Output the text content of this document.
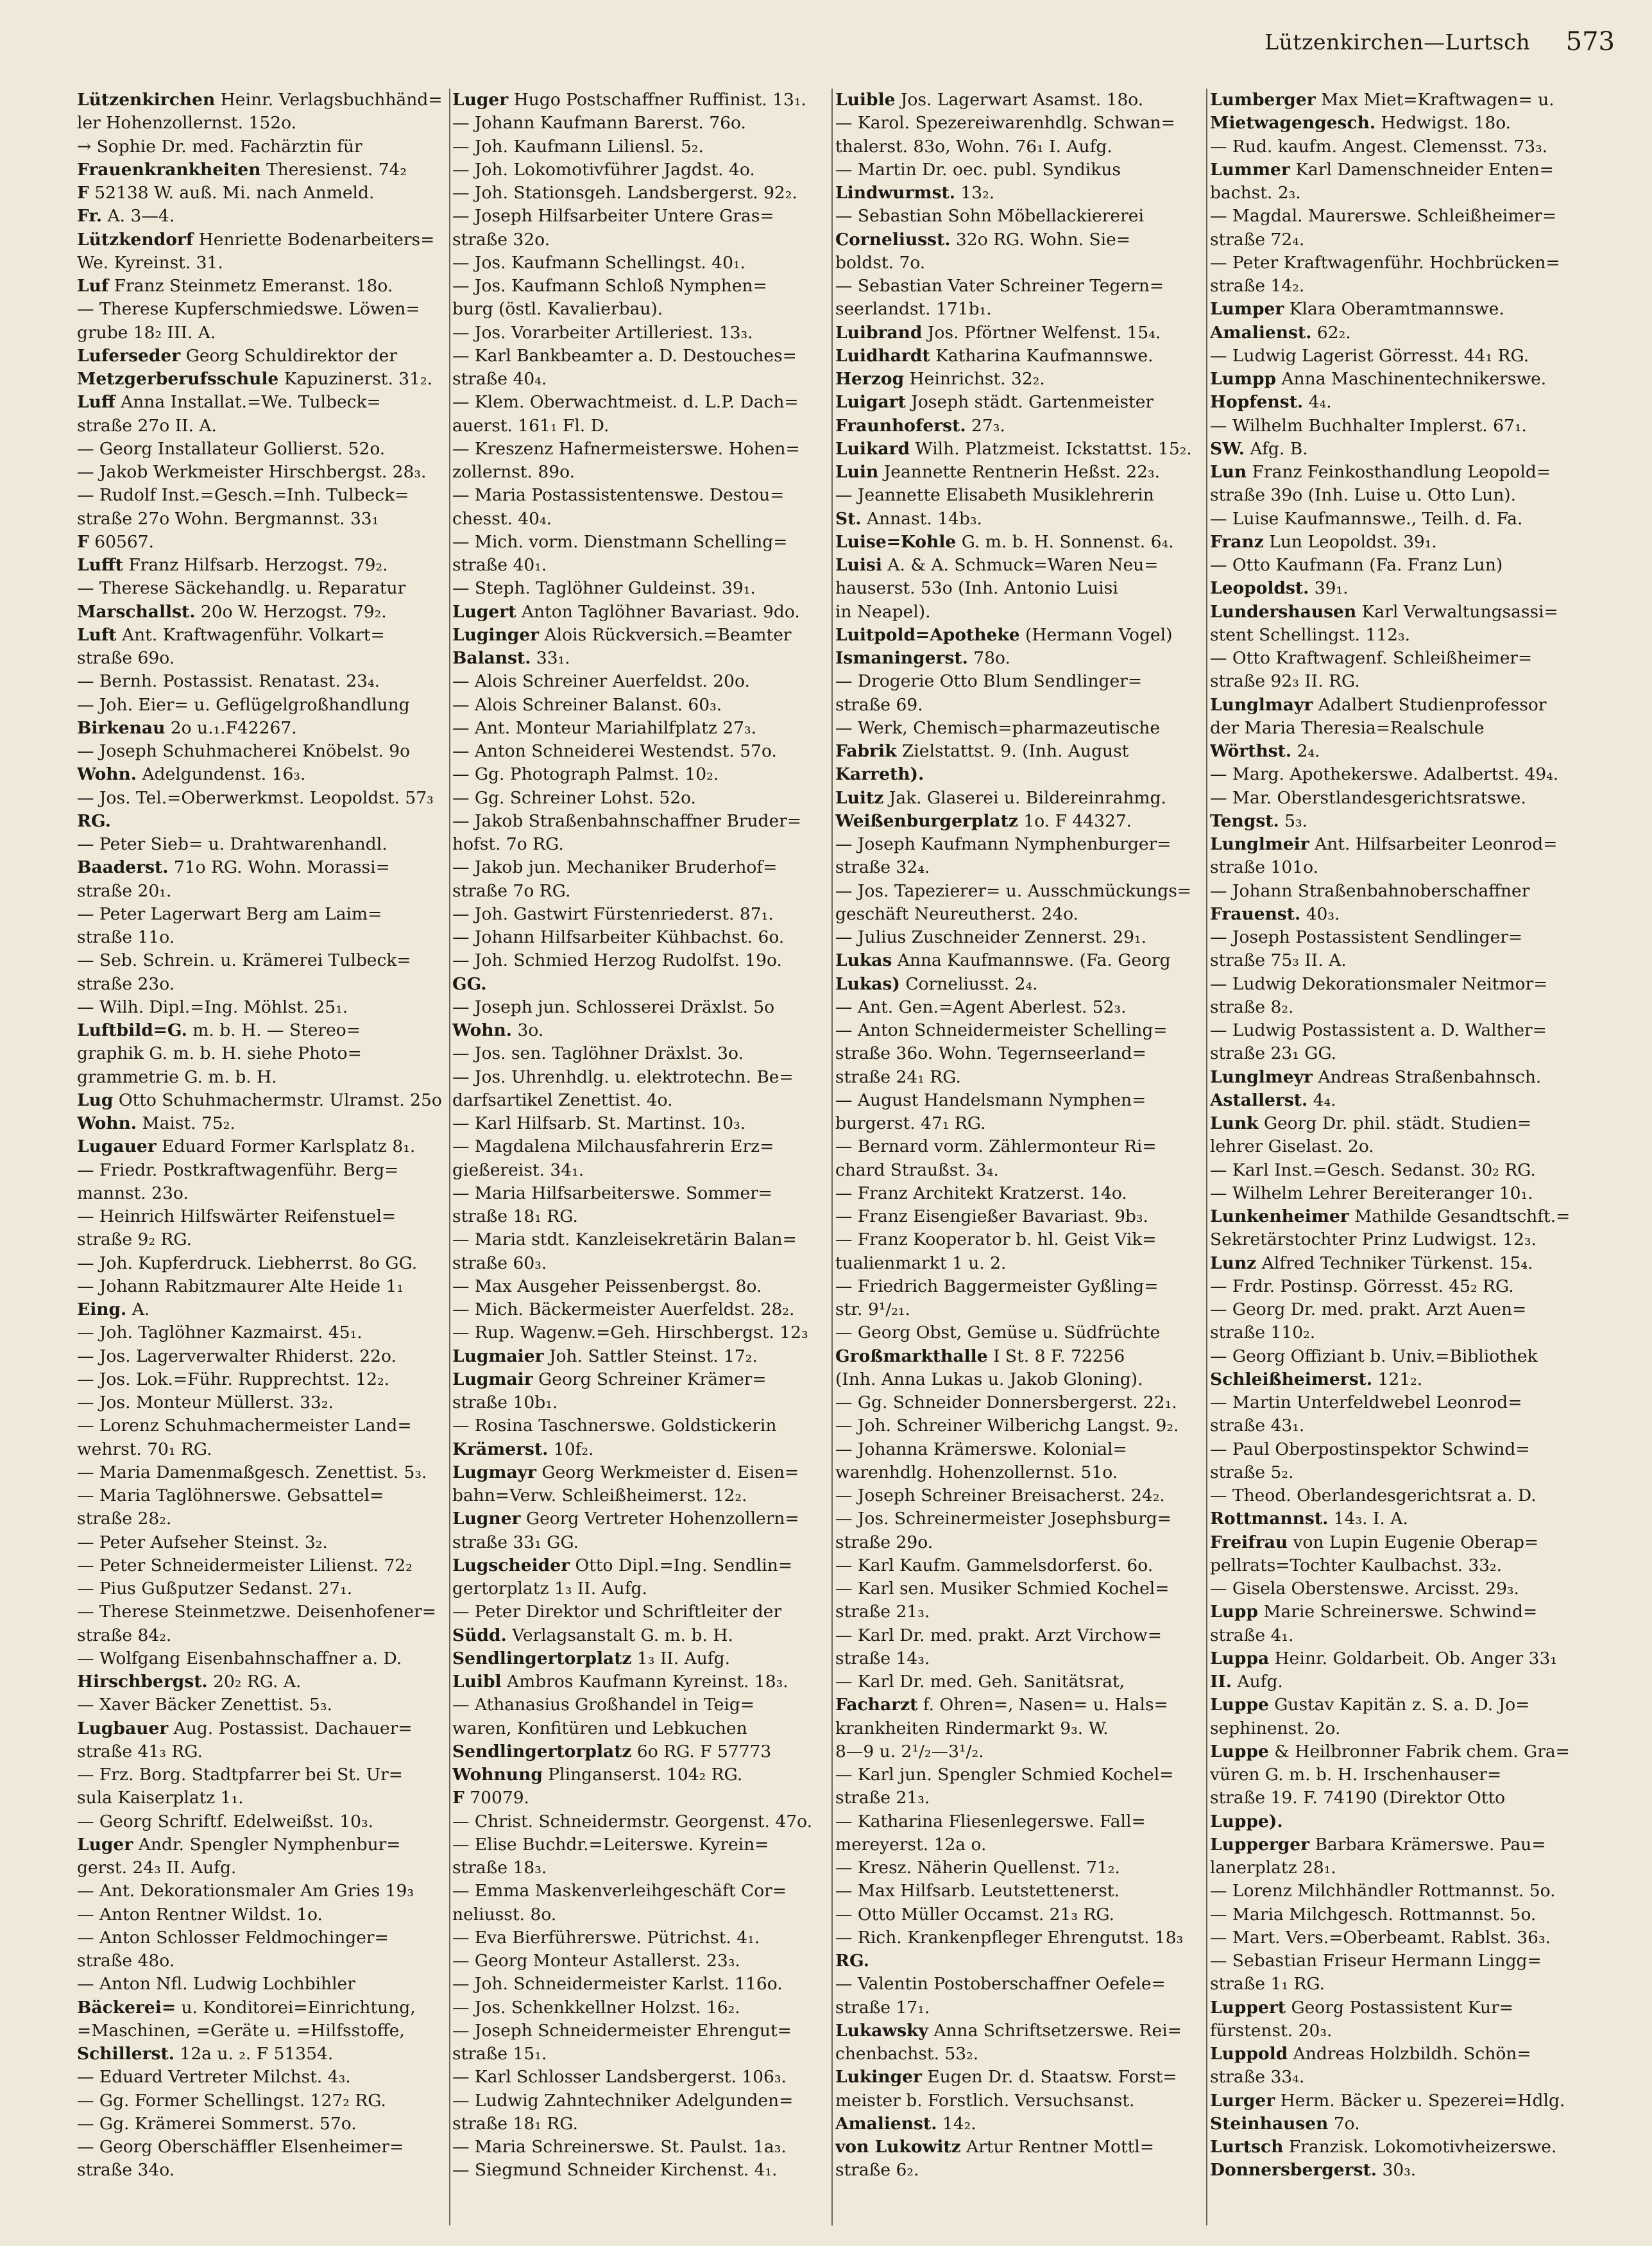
Lützenkirchen—Lurtsch 573
Lützenkirchen Heinr. Verlagsbuchhänd=
ler Hohenzollernst. 152o.
→ Sophie Dr. med. Fachärztin für
Frauenkrankheiten Theresienst. 74₂
F 52138 W. auß. Mi. nach Anmeld.
Fr. A. 3—4.
Lützkendorf Henriette Bodenarbeiters=
We. Kyreinst. 31.
Luf Franz Steinmetz Emeranst. 18o.
— Therese Kupferschmiedswe. Löwen=
grube 18₂ III. A.
Luferseder Georg Schuldirektor der
Metzgerberufsschule Kapuzinerst. 31₂.
Luff Anna Installat.=We. Tulbeck=
straße 27o II. A.
— Georg Installateur Gollierst. 52o.
— Jakob Werkmeister Hirschbergst. 28₃.
— Rudolf Inst.=Gesch.=Inh. Tulbeck=
straße 27o Wohn. Bergmannst. 33₁
F 60567.
Lufft Franz Hilfsarb. Herzogst. 79₂.
— Therese Säckehandlg. u. Reparatur
Marschallst. 20o W. Herzogst. 79₂.
Luft Ant. Kraftwagenführ. Volkart=
straße 69o.
— Bernh. Postassist. Renatast. 23₄.
— Joh. Eier= u. Geflügelgroßhandlung
Birkenau 2o u.₁.F42267.
— Joseph Schuhmacherei Knöbelst. 9o
Wohn. Adelgundenst. 16₃.
— Jos. Tel.=Oberwerkmst. Leopoldst. 57₃
RG.
— Peter Sieb= u. Drahtwarenhandl.
Baaderst. 71o RG. Wohn. Morassi=
straße 20₁.
— Peter Lagerwart Berg am Laim=
straße 11o.
— Seb. Schrein. u. Krämerei Tulbeck=
straße 23o.
— Wilh. Dipl.=Ing. Möhlst. 25₁.
Luftbild=G. m. b. H. — Stereo=
graphik G. m. b. H. siehe Photo=
grammetrie G. m. b. H.
Lug Otto Schuhmachermstr. Ulramst. 25o
Wohn. Maist. 75₂.
Lugauer Eduard Former Karlsplatz 8₁.
— Friedr. Postkraftwagenführ. Berg=
mannst. 23o.
— Heinrich Hilfswärter Reifenstuel=
straße 9₂ RG.
— Joh. Kupferdruck. Liebherrst. 8o GG.
— Johann Rabitzmaurer Alte Heide 1₁
Eing. A.
— Joh. Taglöhner Kazmairst. 45₁.
— Jos. Lagerverwalter Rhiderst. 22o.
— Jos. Lok.=Führ. Rupprechtst. 12₂.
— Jos. Monteur Müllerst. 33₂.
— Lorenz Schuhmachermeister Land=
wehrst. 70₁ RG.
— Maria Damenmaßgesch. Zenettist. 5₃.
— Maria Taglöhnerswe. Gebsattel=
straße 28₂.
— Peter Aufseher Steinst. 3₂.
— Peter Schneidermeister Lilienst. 72₂
— Pius Gußputzer Sedanst. 27₁.
— Therese Steinmetzwe. Deisenhofener=
straße 84₂.
— Wolfgang Eisenbahnschaffner a. D.
Hirschbergst. 20₂ RG. A.
— Xaver Bäcker Zenettist. 5₃.
Lugbauer Aug. Postassist. Dachauer=
straße 41₃ RG.
— Frz. Borg. Stadtpfarrer bei St. Ur=
sula Kaiserplatz 1₁.
— Georg Schriftf. Edelweißst. 10₃.
Luger Andr. Spengler Nymphenbur=
gerst. 24₃ II. Aufg.
— Ant. Dekorationsmaler Am Gries 19₃
— Anton Rentner Wildst. 1o.
— Anton Schlosser Feldmochinger=
straße 48o.
— Anton Nfl. Ludwig Lochbihler
Bäckerei= u. Konditorei=Einrichtung,
=Maschinen, =Geräte u. =Hilfsstoffe,
Schillerst. 12a u. ₂. F 51354.
— Eduard Vertreter Milchst. 4₃.
— Gg. Former Schellingst. 127₂ RG.
— Gg. Krämerei Sommerst. 57o.
— Georg Oberschäffler Elsenheimer=
straße 34o.
Luger Hugo Postschaffner Ruffinist. 13₁.
— Johann Kaufmann Barerst. 76o.
— Joh. Kaufmann Liliensl. 5₂.
— Joh. Lokomotivführer Jagdst. 4o.
— Joh. Stationsgeh. Landsbergerst. 92₂.
— Joseph Hilfsarbeiter Untere Gras=
straße 32o.
— Jos. Kaufmann Schellingst. 40₁.
— Jos. Kaufmann Schloß Nymphen=
burg (östl. Kavalierbau).
— Jos. Vorarbeiter Artilleriest. 13₃.
— Karl Bankbeamter a. D. Destouches=
straße 40₄.
— Klem. Oberwachtmeist. d. L.P. Dach=
auerst. 161₁ Fl. D.
— Kreszenz Hafnermeisterswe. Hohen=
zollernst. 89o.
— Maria Postassistentenswe. Destou=
chesst. 40₄.
— Mich. vorm. Dienstmann Schelling=
straße 40₁.
— Steph. Taglöhner Guldeinst. 39₁.
Lugert Anton Taglöhner Bavariast. 9do.
Luginger Alois Rückversich.=Beamter
Balanst. 33₁.
— Alois Schreiner Auerfeldst. 20o.
— Alois Schreiner Balanst. 60₃.
— Ant. Monteur Mariahilfplatz 27₃.
— Anton Schneiderei Westendst. 57o.
— Gg. Photograph Palmst. 10₂.
— Gg. Schreiner Lohst. 52o.
— Jakob Straßenbahnschaffner Bruder=
hofst. 7o RG.
— Jakob jun. Mechaniker Bruderhof=
straße 7o RG.
— Joh. Gastwirt Fürstenriederst. 87₁.
— Johann Hilfsarbeiter Kühbachst. 6o.
— Joh. Schmied Herzog Rudolfst. 19o.
GG.
— Joseph jun. Schlosserei Dräxlst. 5o
Wohn. 3o.
— Jos. sen. Taglöhner Dräxlst. 3o.
— Jos. Uhrenhdlg. u. elektrotechn. Be=
darfsartikel Zenettist. 4o.
— Karl Hilfsarb. St. Martinst. 10₃.
— Magdalena Milchausfahrerin Erz=
gießereist. 34₁.
— Maria Hilfsarbeiterswe. Sommer=
straße 18₁ RG.
— Maria stdt. Kanzleisekretärin Balan=
straße 60₃.
— Max Ausgeher Peissenbergst. 8o.
— Mich. Bäckermeister Auerfeldst. 28₂.
— Rup. Wagenw.=Geh. Hirschbergst. 12₃
Lugmaier Joh. Sattler Steinst. 17₂.
Lugmair Georg Schreiner Krämer=
straße 10b₁.
— Rosina Taschnerswe. Goldstickerin
Krämerst. 10f₂.
Lugmayr Georg Werkmeister d. Eisen=
bahn=Verw. Schleißheimerst. 12₂.
Lugner Georg Vertreter Hohenzollern=
straße 33₁ GG.
Lugscheider Otto Dipl.=Ing. Sendlin=
gertorplatz 1₃ II. Aufg.
— Peter Direktor und Schriftleiter der
Südd. Verlagsanstalt G. m. b. H.
Sendlingertorplatz 1₃ II. Aufg.
Luibl Ambros Kaufmann Kyreinst. 18₃.
— Athanasius Großhandel in Teig=
waren, Konfitüren und Lebkuchen
Sendlingertorplatz 6o RG. F 57773
Wohnung Plinganserst. 104₂ RG.
F 70079.
— Christ. Schneidermstr. Georgenst. 47o.
— Elise Buchdr.=Leiterswe. Kyrein=
straße 18₃.
— Emma Maskenverleihgeschäft Cor=
neliusst. 8o.
— Eva Bierführerswe. Pütrichst. 4₁.
— Georg Monteur Astallerst. 23₃.
— Joh. Schneidermeister Karlst. 116o.
— Jos. Schenkkellner Holzst. 16₂.
— Joseph Schneidermeister Ehrengut=
straße 15₁.
— Karl Schlosser Landsbergerst. 106₃.
— Ludwig Zahntechniker Adelgunden=
straße 18₁ RG.
— Maria Schreinerswe. St. Paulst. 1a₃.
— Siegmund Schneider Kirchenst. 4₁.
Luible Jos. Lagerwart Asamst. 18o.
— Karol. Spezereiwarenhdlg. Schwan=
thalerst. 83o, Wohn. 76₁ I. Aufg.
— Martin Dr. oec. publ. Syndikus
Lindwurmst. 13₂.
— Sebastian Sohn Möbellackiererei
Corneliusst. 32o RG. Wohn. Sie=
boldst. 7o.
— Sebastian Vater Schreiner Tegern=
seerlandst. 171b₁.
Luibrand Jos. Pförtner Welfenst. 15₄.
Luidhardt Katharina Kaufmannswe.
Herzog Heinrichst. 32₂.
Luigart Joseph städt. Gartenmeister
Fraunhoferst. 27₃.
Luikard Wilh. Platzmeist. Ickstattst. 15₂.
Luin Jeannette Rentnerin Heßst. 22₃.
— Jeannette Elisabeth Musiklehrerin
St. Annast. 14b₃.
Luise=Kohle G. m. b. H. Sonnenst. 6₄.
Luisi A. & A. Schmuck=Waren Neu=
hauserst. 53o (Inh. Antonio Luisi
in Neapel).
Luitpold=Apotheke (Hermann Vogel)
Ismaningerst. 78o.
— Drogerie Otto Blum Sendlinger=
straße 69.
— Werk, Chemisch=pharmazeutische
Fabrik Zielstattst. 9. (Inh. August
Karreth).
Luitz Jak. Glaserei u. Bildereinrahmg.
Weißenburgerplatz 1o. F 44327.
— Joseph Kaufmann Nymphenburger=
straße 32₄.
— Jos. Tapezierer= u. Ausschmückungs=
geschäft Neureutherst. 24o.
— Julius Zuschneider Zennerst. 29₁.
Lukas Anna Kaufmannswe. (Fa. Georg
Lukas) Corneliusst. 2₄.
— Ant. Gen.=Agent Aberlest. 52₃.
— Anton Schneidermeister Schelling=
straße 36o. Wohn. Tegernseerland=
straße 24₁ RG.
— August Handelsmann Nymphen=
burgerst. 47₁ RG.
— Bernard vorm. Zählermonteur Ri=
chard Straußst. 3₄.
— Franz Architekt Kratzerst. 14o.
— Franz Eisengießer Bavariast. 9b₃.
— Franz Kooperator b. hl. Geist Vik=
tualienmarkt 1 u. 2.
— Friedrich Baggermeister Gyßling=
str. 9¹/₂₁.
— Georg Obst, Gemüse u. Südfrüchte
Großmarkthalle I St. 8 F. 72256
(Inh. Anna Lukas u. Jakob Gloning).
— Gg. Schneider Donnersbergerst. 22₁.
— Joh. Schreiner Wilberichg Langst. 9₂.
— Johanna Krämerswe. Kolonial=
warenhdlg. Hohenzollernst. 51o.
— Joseph Schreiner Breisacherst. 24₂.
— Jos. Schreinermeister Josephsburg=
straße 29o.
— Karl Kaufm. Gammelsdorferst. 6o.
— Karl sen. Musiker Schmied Kochel=
straße 21₃.
— Karl Dr. med. prakt. Arzt Virchow=
straße 14₃.
— Karl Dr. med. Geh. Sanitätsrat,
Facharzt f. Ohren=, Nasen= u. Hals=
krankheiten Rindermarkt 9₃. W.
8—9 u. 2¹/₂—3¹/₂.
— Karl jun. Spengler Schmied Kochel=
straße 21₃.
— Katharina Fliesenlegerswe. Fall=
mereyerst. 12a o.
— Kresz. Näherin Quellenst. 71₂.
— Max Hilfsarb. Leutstettenerst.
— Otto Müller Occamst. 21₃ RG.
— Rich. Krankenpfleger Ehrengutst. 18₃
RG.
— Valentin Postoberschaffner Oefele=
straße 17₁.
Lukawsky Anna Schriftsetzerswe. Rei=
chenbachst. 53₂.
Lukinger Eugen Dr. d. Staatsw. Forst=
meister b. Forstlich. Versuchsanst.
Amalienst. 14₂.
von Lukowitz Artur Rentner Mottl=
straße 6₂.
Lumberger Max Miet=Kraftwagen= u.
Mietwagengesch. Hedwigst. 18o.
— Rud. kaufm. Angest. Clemensst. 73₃.
Lummer Karl Damenschneider Enten=
bachst. 2₃.
— Magdal. Maurerswe. Schleißheimer=
straße 72₄.
— Peter Kraftwagenführ. Hochbrücken=
straße 14₂.
Lumper Klara Oberamtmannswe.
Amalienst. 62₂.
— Ludwig Lagerist Görresst. 44₁ RG.
Lumpp Anna Maschinentechnikerswe.
Hopfenst. 4₄.
— Wilhelm Buchhalter Implerst. 67₁.
SW. Afg. B.
Lun Franz Feinkosthandlung Leopold=
straße 39o (Inh. Luise u. Otto Lun).
— Luise Kaufmannswe., Teilh. d. Fa.
Franz Lun Leopoldst. 39₁.
— Otto Kaufmann (Fa. Franz Lun)
Leopoldst. 39₁.
Lundershausen Karl Verwaltungsassi=
stent Schellingst. 112₃.
— Otto Kraftwagenf. Schleißheimer=
straße 92₃ II. RG.
Lunglmayr Adalbert Studienprofessor
der Maria Theresia=Realschule
Wörthst. 2₄.
— Marg. Apothekerswe. Adalbertst. 49₄.
— Mar. Oberstlandesgerichtsratswe.
Tengst. 5₃.
Lunglmeir Ant. Hilfsarbeiter Leonrod=
straße 101o.
— Johann Straßenbahnoberschaffner
Frauenst. 40₃.
— Joseph Postassistent Sendlinger=
straße 75₃ II. A.
— Ludwig Dekorationsmaler Neitmor=
straße 8₂.
— Ludwig Postassistent a. D. Walther=
straße 23₁ GG.
Lunglmeyr Andreas Straßenbahnsch.
Astallerst. 4₄.
Lunk Georg Dr. phil. städt. Studien=
lehrer Giselast. 2o.
— Karl Inst.=Gesch. Sedanst. 30₂ RG.
— Wilhelm Lehrer Bereiteranger 10₁.
Lunkenheimer Mathilde Gesandtschft.=
Sekretärstochter Prinz Ludwigst. 12₃.
Lunz Alfred Techniker Türkenst. 15₄.
— Frdr. Postinsp. Görresst. 45₂ RG.
— Georg Dr. med. prakt. Arzt Auen=
straße 110₂.
— Georg Offiziant b. Univ.=Bibliothek
Schleißheimerst. 121₂.
— Martin Unterfeldwebel Leonrod=
straße 43₁.
— Paul Oberpostinspektor Schwind=
straße 5₂.
— Theod. Oberlandesgerichtsrat a. D.
Rottmannst. 14₃. I. A.
Freifrau von Lupin Eugenie Oberap=
pellrats=Tochter Kaulbachst. 33₂.
— Gisela Oberstenswe. Arcisst. 29₃.
Lupp Marie Schreinerswe. Schwind=
straße 4₁.
Luppa Heinr. Goldarbeit. Ob. Anger 33₁
II. Aufg.
Luppe Gustav Kapitän z. S. a. D. Jo=
sephinenst. 2o.
Luppe & Heilbronner Fabrik chem. Gra=
vüren G. m. b. H. Irschenhauser=
straße 19. F. 74190 (Direktor Otto
Luppe).
Lupperger Barbara Krämerswe. Pau=
lanerplatz 28₁.
— Lorenz Milchhändler Rottmannst. 5o.
— Maria Milchgesch. Rottmannst. 5o.
— Mart. Vers.=Oberbeamt. Rablst. 36₃.
— Sebastian Friseur Hermann Lingg=
straße 1₁ RG.
Luppert Georg Postassistent Kur=
fürstenst. 20₃.
Luppold Andreas Holzbildh. Schön=
straße 33₄.
Lurger Herm. Bäcker u. Spezerei=Hdlg.
Steinhausen 7o.
Lurtsch Franzisk. Lokomotivheizerswe.
Donnersbergerst. 30₃.
